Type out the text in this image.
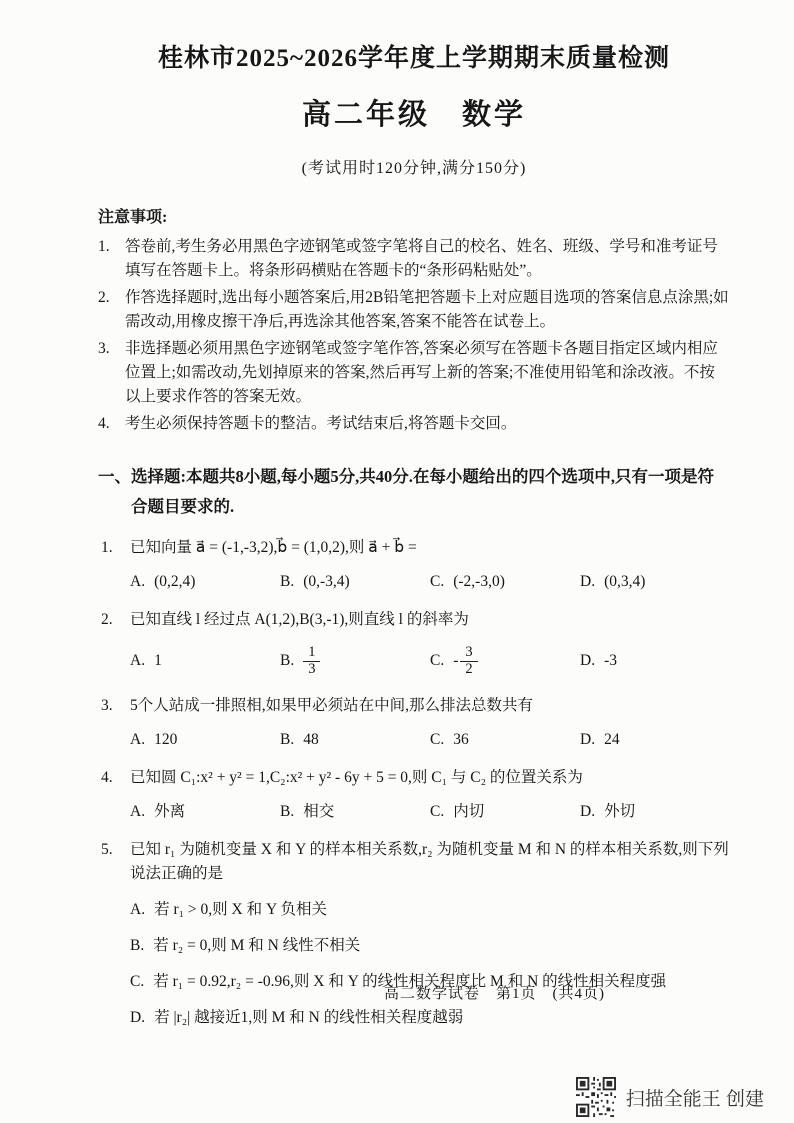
桂林市2025~2026学年度上学期期末质量检测
高二年级　数学
(考试用时120分钟,满分150分)
注意事项:
1. 答卷前,考生务必用黑色字迹钢笔或签字笔将自己的校名、姓名、班级、学号和准考证号填写在答题卡上。将条形码横贴在答题卡的“条形码粘贴处”。
2. 作答选择题时,选出每小题答案后,用2B铅笔把答题卡上对应题目选项的答案信息点涂黑;如需改动,用橡皮擦干净后,再选涂其他答案,答案不能答在试卷上。
3. 非选择题必须用黑色字迹钢笔或签字笔作答,答案必须写在答题卡各题目指定区域内相应位置上;如需改动,先划掉原来的答案,然后再写上新的答案;不准使用铅笔和涂改液。不按以上要求作答的答案无效。
4. 考生必须保持答题卡的整洁。考试结束后,将答题卡交回。
一、 选择题:本题共8小题,每小题5分,共40分.在每小题给出的四个选项中,只有一项是符合题目要求的.
1.	已知向量 a⃗ = (-1,-3,2),b⃗ = (1,0,2),则 a⃗ + b⃗ =
A. (0,2,4)	B. (0,-3,4)	C. (-2,-3,0)	D. (0,3,4)
2.	已知直线 l 经过点 A(1,2),B(3,-1),则直线 l 的斜率为
A. 1	B. $\frac{1}{3}$	C. - $\frac{3}{2}$	D. -3
3.	5个人站成一排照相,如果甲必须站在中间,那么排法总数共有
A. 120	B. 48	C. 36	D. 24
4.	已知圆 C₁:x² + y² = 1,C₂:x² + y² - 6y + 5 = 0,则 C₁ 与 C₂ 的位置关系为
A. 外离	B. 相交	C. 内切	D. 外切
5.	已知 r₁ 为随机变量 X 和 Y 的样本相关系数,r₂ 为随机变量 M 和 N 的样本相关系数,则下列说法正确的是
A. 若 r₁ > 0,则 X 和 Y 负相关
B. 若 r₂ = 0,则 M 和 N 线性不相关
C. 若 r₁ = 0.92,r₂ = -0.96,则 X 和 Y 的线性相关程度比 M 和 N 的线性相关程度强
D. 若 |r₂| 越接近1,则 M 和 N 的线性相关程度越弱
高二数学试卷　第1页　(共4页)
扫描全能王 创建
